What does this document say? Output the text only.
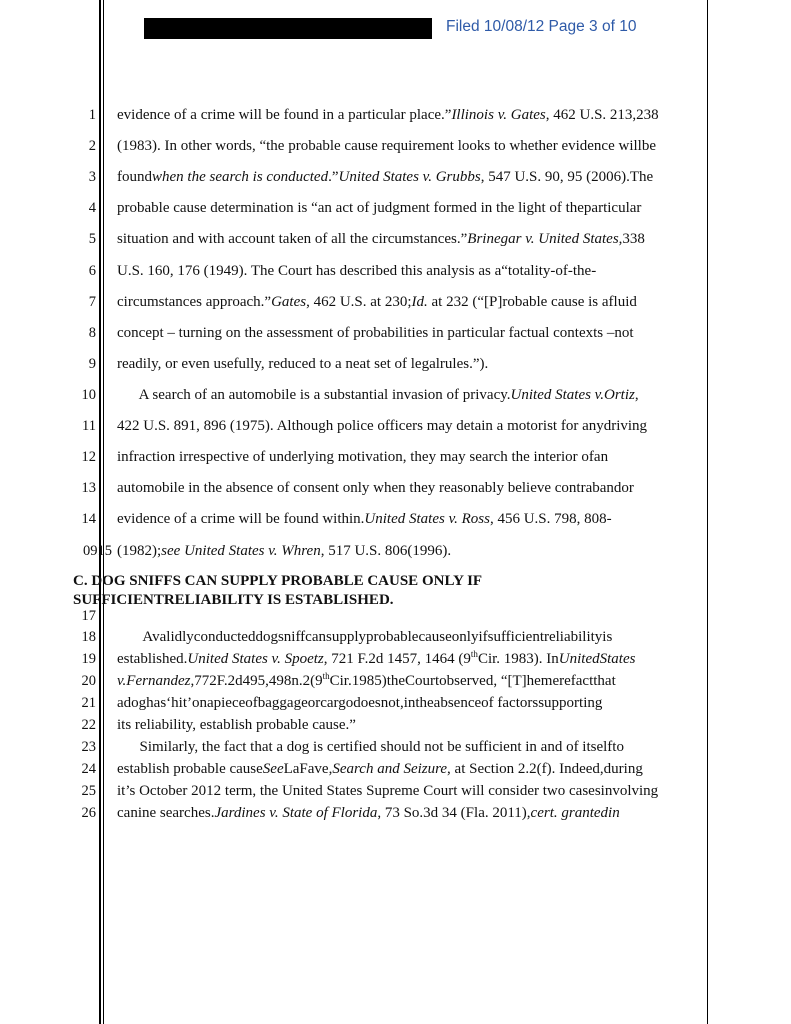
Filed 10/08/12 Page 3 of 10
1
2
3
4
5
6
7
8
9
10
11
12
13
14
0915
17
18
19
20
21
22
23
24
25
26
evidence of a crime will be found in a particular place.”Illinois v. Gates, 462 U.S. 213,238
(1983). In other words, “the probable cause requirement looks to whether evidence willbe
foundwhen the search is conducted.”United States v. Grubbs, 547 U.S. 90, 95 (2006).The
probable cause determination is “an act of judgment formed in the light of theparticular
situation and with account taken of all the circumstances.”Brinegar v. United States,338
U.S. 160, 176 (1949). The Court has described this analysis as a“totality-of-the-
circumstances approach.”Gates, 462 U.S. at 230;Id. at 232 (“[P]robable cause is afluid
concept – turning on the assessment of probabilities in particular factual contexts –not
readily, or even usefully, reduced to a neat set of legalrules.”).
A search of an automobile is a substantial invasion of privacy.United States v.Ortiz,
422 U.S. 891, 896 (1975). Although police officers may detain a motorist for anydriving
infraction irrespective of underlying motivation, they may search the interior ofan
automobile in the absence of consent only when they reasonably believe contrabandor
evidence of a crime will be found within.United States v. Ross, 456 U.S. 798, 808-
(1982);see United States v. Whren, 517 U.S. 806(1996).
Avalidlyconducteddogsniffcansupplyprobablecauseonlyifsufficientreliabilityis
established.United States v. Spoetz, 721 F.2d 1457, 1464 (9thCir. 1983). InUnitedStates
v.Fernandez,772F.2d495,498n.2(9thCir.1985)theCourtobserved, “[T]hemerefactthat
adoghas‘hit’onapieceofbaggageorcargodoesnot,intheabsenceof factorssupporting
its reliability, establish probable cause.”
Similarly, the fact that a dog is certified should not be sufficient in and of itselfto
establish probable causeSeeLaFave,Search and Seizure, at Section 2.2(f). Indeed,during
it’s October 2012 term, the United States Supreme Court will consider two casesinvolving
canine searches.Jardines v. State of Florida, 73 So.3d 34 (Fla. 2011),cert. grantedin
C. DOG SNIFFS CAN SUPPLY PROBABLE CAUSE ONLY IF
SUFFICIENTRELIABILITY IS ESTABLISHED.
